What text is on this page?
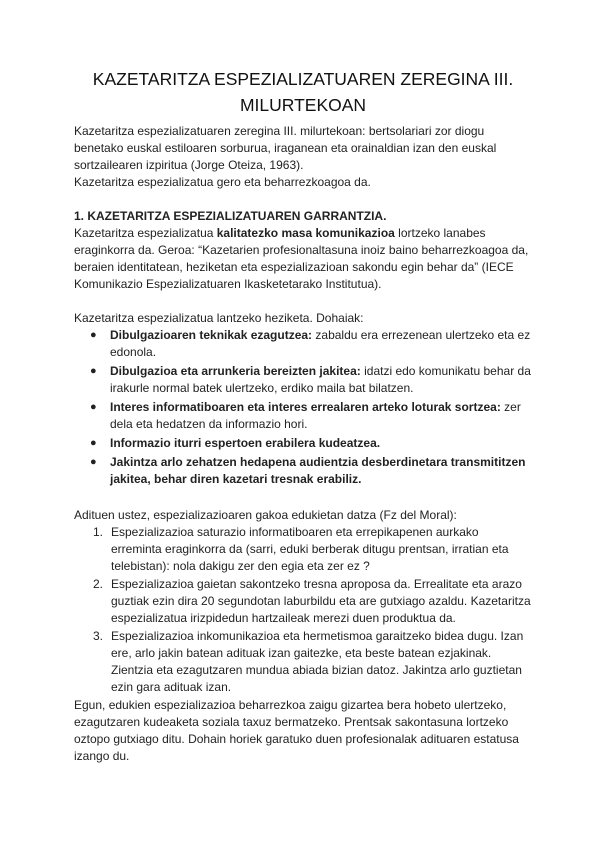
KAZETARITZA ESPEZIALIZATUAREN ZEREGINA III. MILURTEKOAN

Kazetaritza espezializatuaren zeregina III. milurtekoan: bertsolariari zor diogu benetako euskal estiloaren sorburua, iraganean eta orainaldian izan den euskal sortzailearen izpiritua (Jorge Oteiza, 1963).

Kazetaritza espezializatua gero eta beharrezkoagoa da.

1. KAZETARITZA ESPEZIALIZATUAREN GARRANTZIA.

Kazetaritza espezializatua kalitatezko masa komunikazioa lortzeko lanabes eraginkorra da. Geroa: “Kazetarien profesionaltasuna inoiz baino beharrezkoagoa da, beraien identitatean, heziketan eta espezializazioan sakondu egin behar da” (IECE Komunikazio Espezializatuaren Ikasketetarako Institutua).

Kazetaritza espezializatua lantzeko heziketa. Dohaiak:

● Dibulgazioaren teknikak ezagutzea: zabaldu era errezenean ulertzeko eta ez edonola.
● Dibulgazioa eta arrunkeria bereizten jakitea: idatzi edo komunikatu behar da irakurle normal batek ulertzeko, erdiko maila bat bilatzen.
● Interes informatiboaren eta interes errealaren arteko loturak sortzea: zer dela eta hedatzen da informazio hori.
● Informazio iturri espertoen erabilera kudeatzea.
● Jakintza arlo zehatzen hedapena audientzia desberdinetara transmititzen jakitea, behar diren kazetari tresnak erabiliz.

Adituen ustez, espezializazioaren gakoa edukietan datza (Fz del Moral):

1. Espezializazioa saturazio informatiboaren eta errepikapenen aurkako erreminta eraginkorra da (sarri, eduki berberak ditugu prentsan, irratian eta telebistan): nola dakigu zer den egia eta zer ez ?
2. Espezializazioa gaietan sakontzeko tresna aproposa da. Errealitate eta arazo guztiak ezin dira 20 segundotan laburbildu eta are gutxiago azaldu. Kazetaritza espezializatua irizpidedun hartzaileak merezi duen produktua da.
3. Espezializazioa inkomunikazioa eta hermetismoa garaitzeko bidea dugu. Izan ere, arlo jakin batean adituak izan gaitezke, eta beste batean ezjakinak. Zientzia eta ezagutzaren mundua abiada bizian datoz. Jakintza arlo guztietan ezin gara adituak izan.

Egun, edukien espezializazioa beharrezkoa zaigu gizartea bera hobeto ulertzeko, ezagutzaren kudeaketa soziala taxuz bermatzeko. Prentsak sakontasuna lortzeko oztopo gutxiago ditu. Dohain horiek garatuko duen profesionalak adituaren estatusa izango du.
